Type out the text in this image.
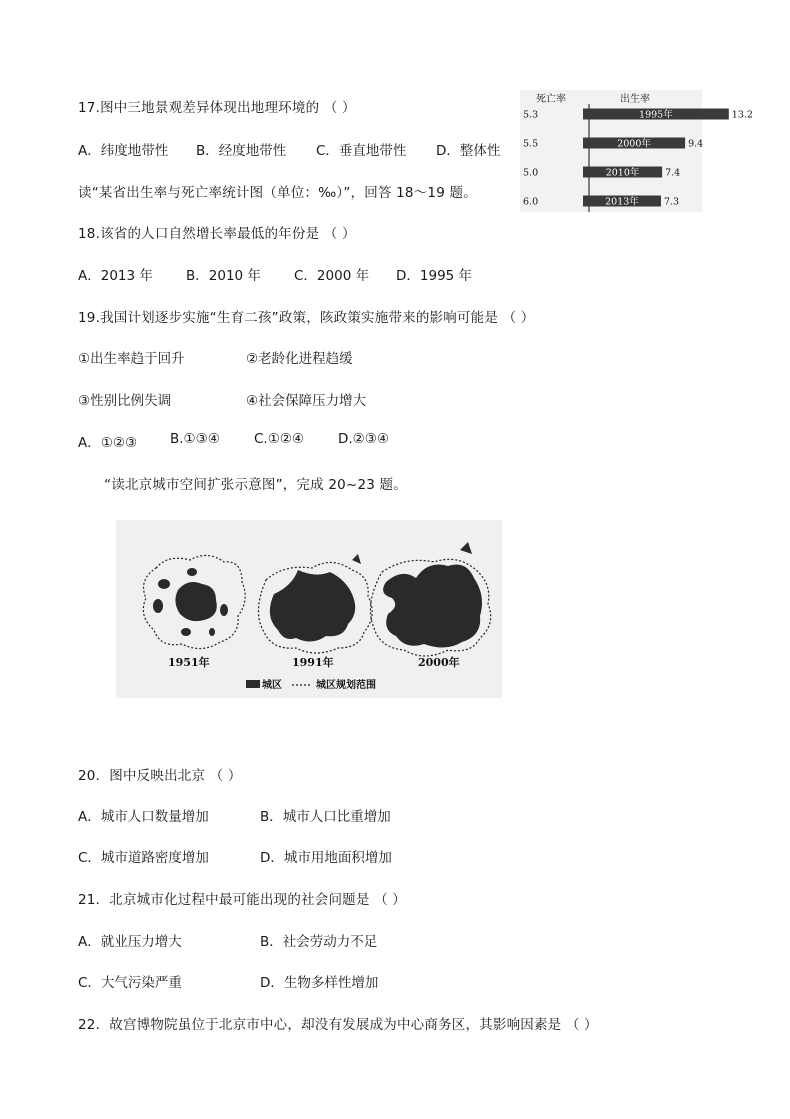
17.图中三地景观差异体现出地理环境的 （ ）
A．纬度地带性 B．经度地带性 C．垂直地带性 D．整体性
读“某省出生率与死亡率统计图（单位：‰）”，回答 18～19 题。
死亡率	出生率
1995年
5.3	13.2
2000年
5.5	9.4
2010年
5.0	7.4
2013年
6.0	7.3
18.该省的人口自然增长率最低的年份是 （ ）
A．2013 年 B．2010 年 C．2000 年 D．1995 年
19.我国计划逐步实施“生育二孩”政策，陔政策实施带来的影响可能是 （ ）
①出生率趋于回升	②老龄化进程趋缓
③性别比例失调	④社会保障压力增大
A．①②③ B.①③④	C.①②④	D.②③④
“读北京城市空间扩张示意图”，完成 20~23 题。
1951年	1991年	2000年
城区	城区规划范围
20．图中反映出北京 （ ）
A．城市人口数量增加	B．城市人口比重增加
C．城市道路密度增加	D．城市用地面积增加
21．北京城市化过程中最可能出现的社会问题是 （ ）
A．就业压力增大	B．社会劳动力不足
C．大气污染严重	D．生物多样性增加
22．故宫博物院虽位于北京市中心，却没有发展成为中心商务区，其影响因素是 （ ）
